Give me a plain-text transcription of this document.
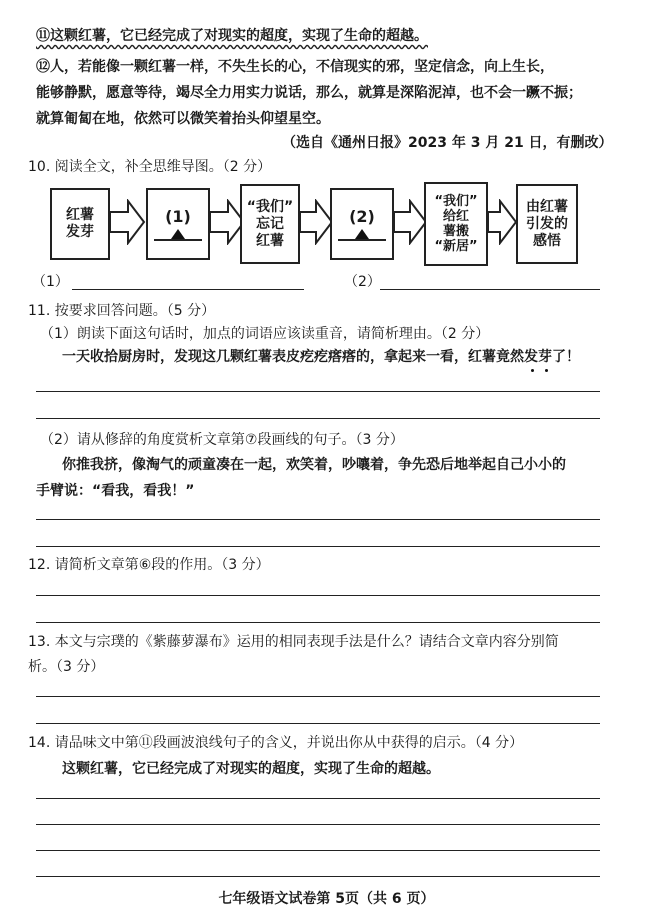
⑪这颗红薯，它已经完成了对现实的超度，实现了生命的超越。
⑫人，若能像一颗红薯一样，不失生长的心，不信现实的邪，坚定信念，向上生长，
能够静默，愿意等待，竭尽全力用实力说话，那么，就算是深陷泥淖，也不会一蹶不振；
就算匍匐在地，依然可以微笑着抬头仰望星空。
（选自《通州日报》2023 年 3 月 21 日，有删改）
10. 阅读全文，补全思维导图。（2 分）
红薯
发芽
(1)	“我们”
忘记
红薯
(2)
“我们”
给红
薯搬
“新居”
由红薯
引发的
感悟
（1）	（2）
11. 按要求回答问题。（5 分）
（1）朗读下面这句话时，加点的词语应该读重音，请简析理由。（2 分）
一天收拾厨房时，发现这几颗红薯表皮疙疙瘩瘩的，拿起来一看，红薯竟然发芽了！
（2）请从修辞的角度赏析文章第⑦段画线的句子。（3 分）
你推我挤，像淘气的顽童凑在一起，欢笑着，吵嚷着，争先恐后地举起自己小小的
手臂说：“看我，看我！”
12. 请简析文章第⑥段的作用。（3 分）
13. 本文与宗璞的《紫藤萝瀑布》运用的相同表现手法是什么？请结合文章内容分别简
析。（3 分）
14. 请品味文中第⑪段画波浪线句子的含义，并说出你从中获得的启示。（4 分）
这颗红薯，它已经完成了对现实的超度，实现了生命的超越。
七年级语文试卷第 5页（共 6 页）
